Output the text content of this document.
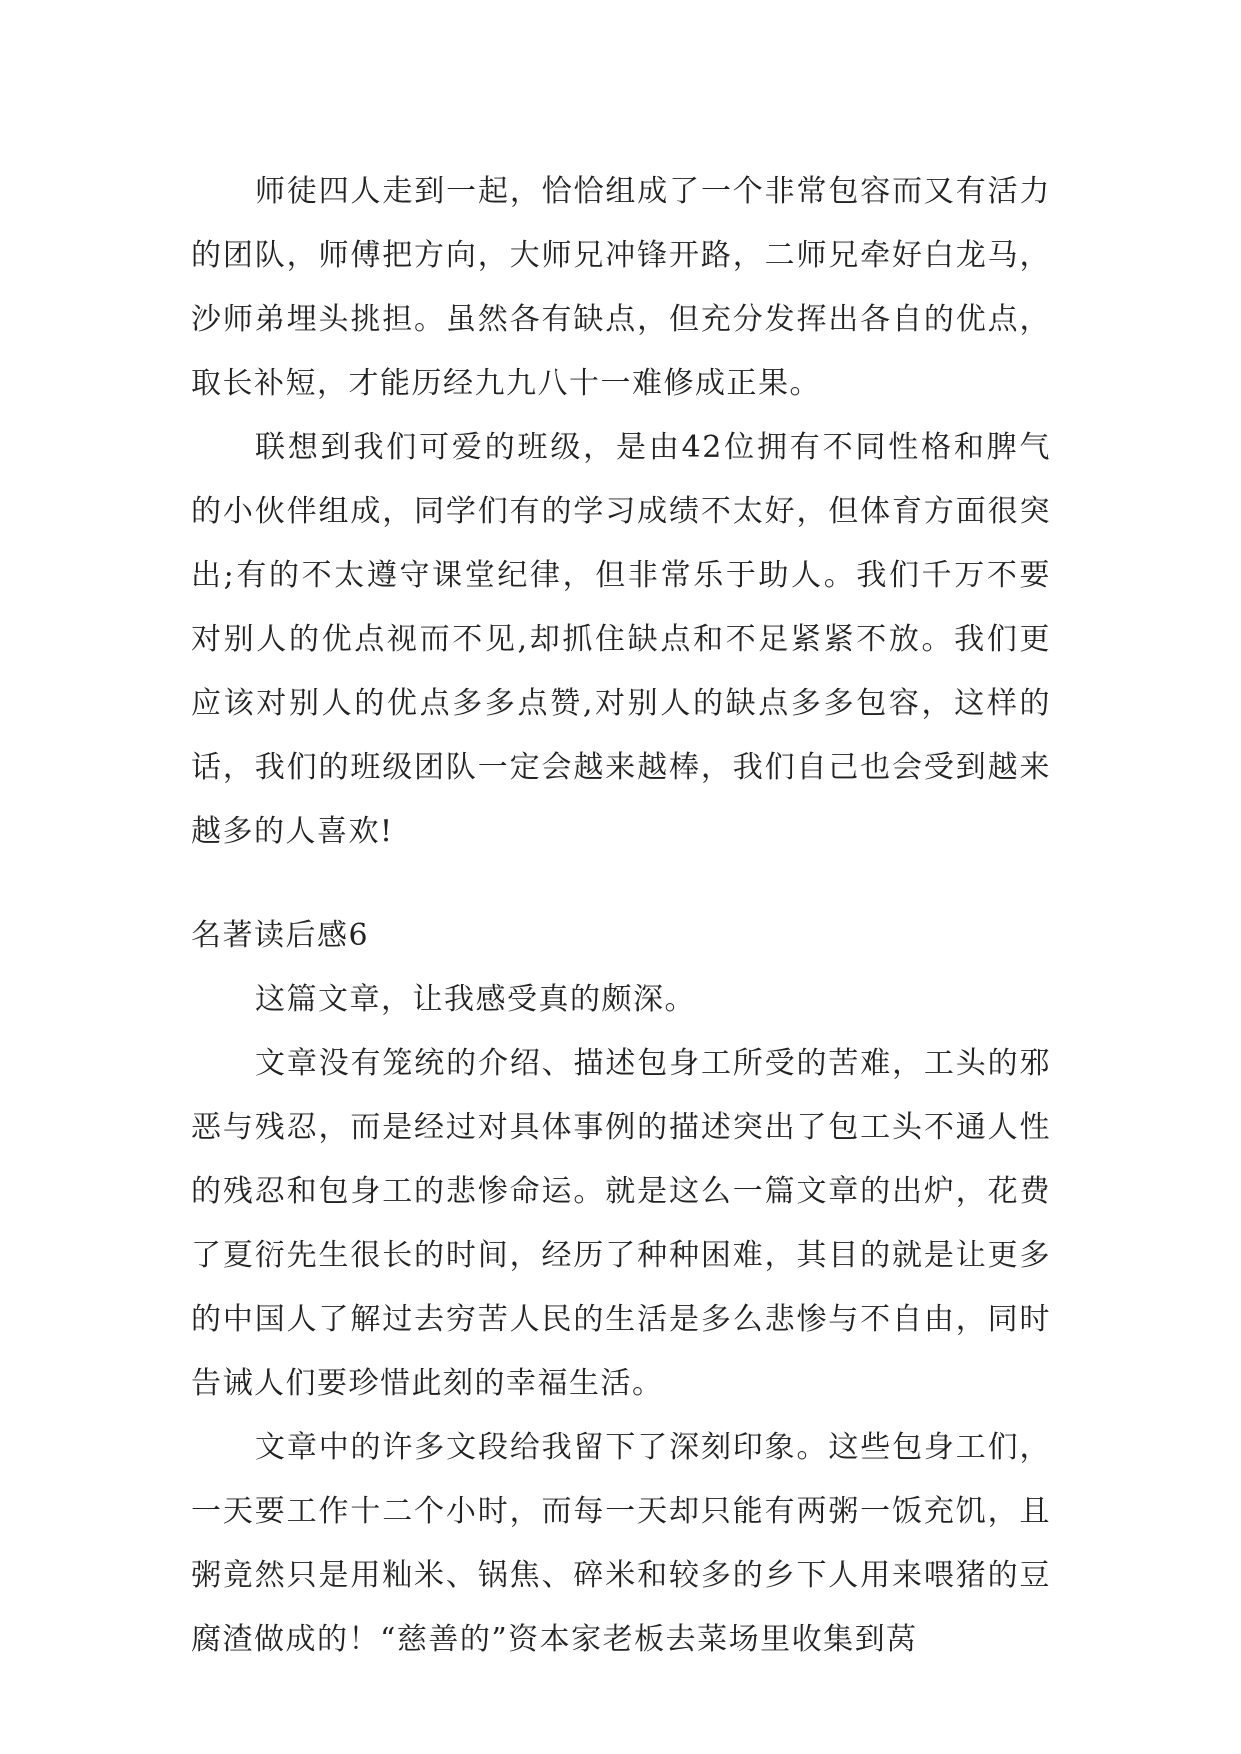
师徒四人走到一起，恰恰组成了一个非常包容而又有活力的团队，师傅把方向，大师兄冲锋开路，二师兄牵好白龙马，沙师弟埋头挑担。虽然各有缺点，但充分发挥出各自的优点，取长补短，才能历经九九八十一难修成正果。

联想到我们可爱的班级，是由42位拥有不同性格和脾气的小伙伴组成，同学们有的学习成绩不太好，但体育方面很突出;有的不太遵守课堂纪律，但非常乐于助人。我们千万不要对别人的优点视而不见,却抓住缺点和不足紧紧不放。我们更应该对别人的优点多多点赞,对别人的缺点多多包容，这样的话，我们的班级团队一定会越来越棒，我们自己也会受到越来越多的人喜欢!

名著读后感6

这篇文章，让我感受真的颇深。

文章没有笼统的介绍、描述包身工所受的苦难，工头的邪恶与残忍，而是经过对具体事例的描述突出了包工头不通人性的残忍和包身工的悲惨命运。就是这么一篇文章的出炉，花费了夏衍先生很长的时间，经历了种种困难，其目的就是让更多的中国人了解过去穷苦人民的生活是多么悲惨与不自由，同时告诫人们要珍惜此刻的幸福生活。

文章中的许多文段给我留下了深刻印象。这些包身工们，一天要工作十二个小时，而每一天却只能有两粥一饭充饥，且粥竟然只是用籼米、锅焦、碎米和较多的乡下人用来喂猪的豆腐渣做成的！“慈善的”资本家老板去菜场里收集到莴
